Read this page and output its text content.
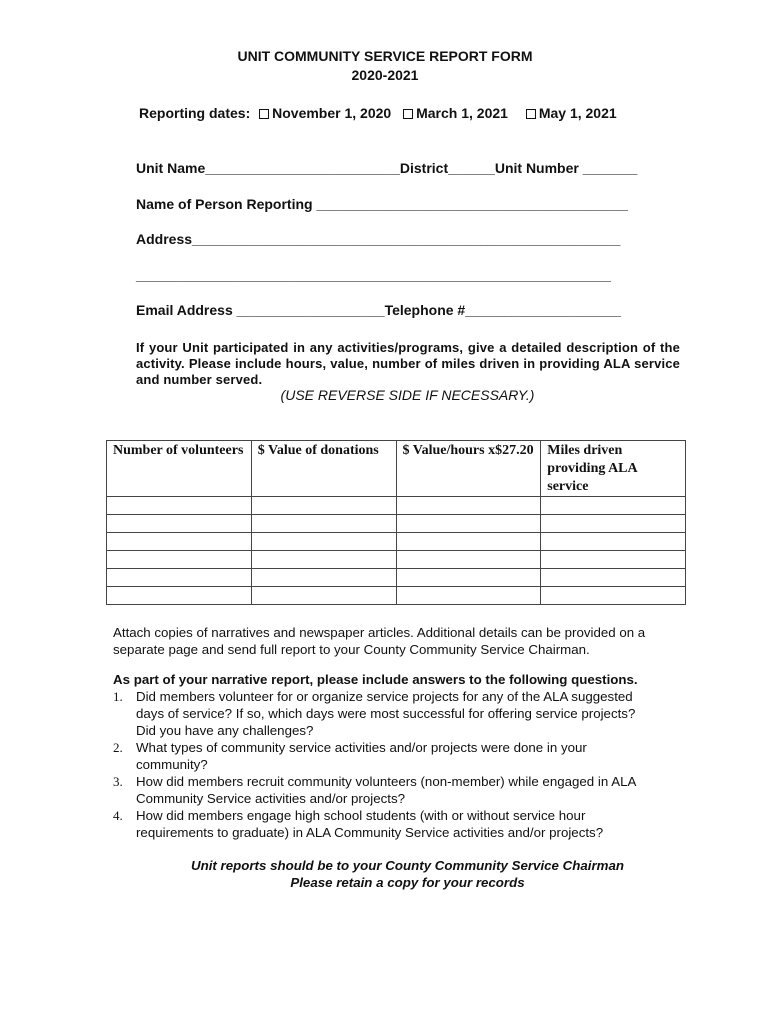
UNIT COMMUNITY SERVICE REPORT FORM
2020-2021
Reporting dates: November 1, 2020 March 1, 2021 May 1, 2021
Unit Name_________________________District______Unit Number _______
Name of Person Reporting ________________________________________
Address_______________________________________________________
_____________________________________________________________
Email Address ___________________Telephone #____________________
If your Unit participated in any activities/programs, give a detailed description of the activity. Please include hours, value, number of miles driven in providing ALA service and number served.
(USE REVERSE SIDE IF NECESSARY.)
Number of volunteers	$ Value of donations	$ Value/hours x$27.20	Miles driven providing ALA service

Attach copies of narratives and newspaper articles. Additional details can be provided on a separate page and send full report to your County Community Service Chairman.
As part of your narrative report, please include answers to the following questions.
1. Did members volunteer for or organize service projects for any of the ALA suggested
days of service? If so, which days were most successful for offering service projects?
Did you have any challenges?
2. What types of community service activities and/or projects were done in your
community?
3. How did members recruit community volunteers (non-member) while engaged in ALA
Community Service activities and/or projects?
4. How did members engage high school students (with or without service hour
requirements to graduate) in ALA Community Service activities and/or projects?
Unit reports should be to your County Community Service Chairman
Please retain a copy for your records
